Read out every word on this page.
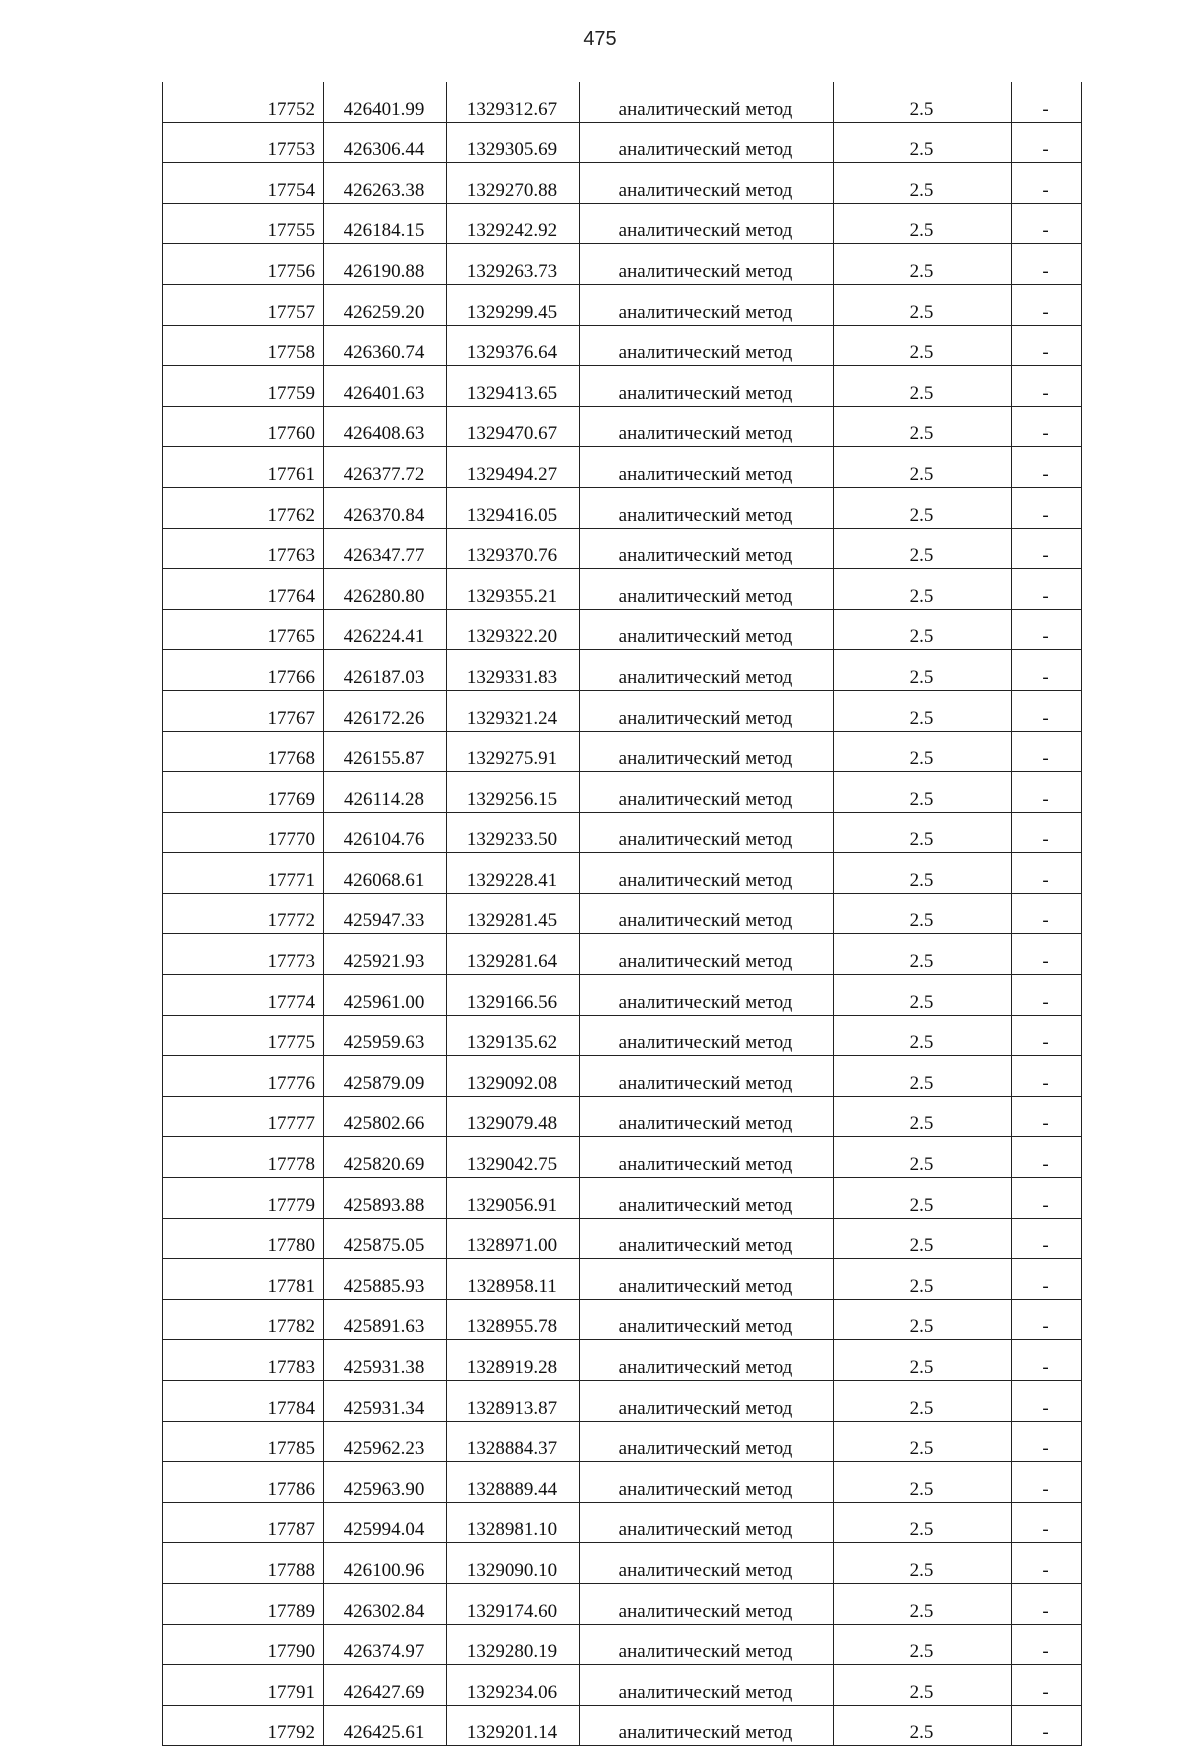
475
17752	426401.99	1329312.67	аналитический метод	2.5	-
17753	426306.44	1329305.69	аналитический метод	2.5	-
17754	426263.38	1329270.88	аналитический метод	2.5	-
17755	426184.15	1329242.92	аналитический метод	2.5	-
17756	426190.88	1329263.73	аналитический метод	2.5	-
17757	426259.20	1329299.45	аналитический метод	2.5	-
17758	426360.74	1329376.64	аналитический метод	2.5	-
17759	426401.63	1329413.65	аналитический метод	2.5	-
17760	426408.63	1329470.67	аналитический метод	2.5	-
17761	426377.72	1329494.27	аналитический метод	2.5	-
17762	426370.84	1329416.05	аналитический метод	2.5	-
17763	426347.77	1329370.76	аналитический метод	2.5	-
17764	426280.80	1329355.21	аналитический метод	2.5	-
17765	426224.41	1329322.20	аналитический метод	2.5	-
17766	426187.03	1329331.83	аналитический метод	2.5	-
17767	426172.26	1329321.24	аналитический метод	2.5	-
17768	426155.87	1329275.91	аналитический метод	2.5	-
17769	426114.28	1329256.15	аналитический метод	2.5	-
17770	426104.76	1329233.50	аналитический метод	2.5	-
17771	426068.61	1329228.41	аналитический метод	2.5	-
17772	425947.33	1329281.45	аналитический метод	2.5	-
17773	425921.93	1329281.64	аналитический метод	2.5	-
17774	425961.00	1329166.56	аналитический метод	2.5	-
17775	425959.63	1329135.62	аналитический метод	2.5	-
17776	425879.09	1329092.08	аналитический метод	2.5	-
17777	425802.66	1329079.48	аналитический метод	2.5	-
17778	425820.69	1329042.75	аналитический метод	2.5	-
17779	425893.88	1329056.91	аналитический метод	2.5	-
17780	425875.05	1328971.00	аналитический метод	2.5	-
17781	425885.93	1328958.11	аналитический метод	2.5	-
17782	425891.63	1328955.78	аналитический метод	2.5	-
17783	425931.38	1328919.28	аналитический метод	2.5	-
17784	425931.34	1328913.87	аналитический метод	2.5	-
17785	425962.23	1328884.37	аналитический метод	2.5	-
17786	425963.90	1328889.44	аналитический метод	2.5	-
17787	425994.04	1328981.10	аналитический метод	2.5	-
17788	426100.96	1329090.10	аналитический метод	2.5	-
17789	426302.84	1329174.60	аналитический метод	2.5	-
17790	426374.97	1329280.19	аналитический метод	2.5	-
17791	426427.69	1329234.06	аналитический метод	2.5	-
17792	426425.61	1329201.14	аналитический метод	2.5	-
